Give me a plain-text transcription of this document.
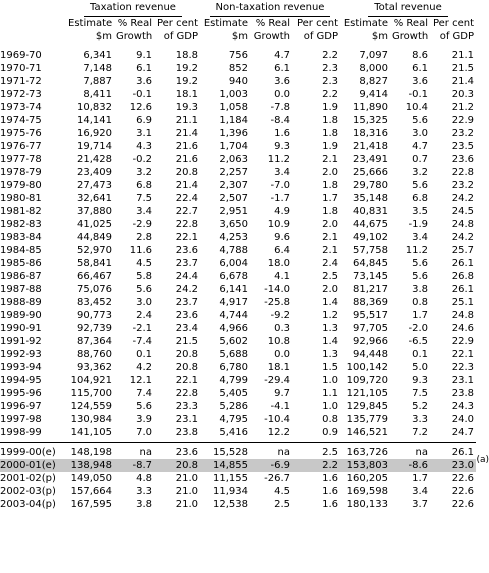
	Taxation revenue			Non-taxation revenue			Total revenue		
	Estimate	% Real	Per cent	Estimate	% Real	Per cent	Estimate	% Real	Per cent
	$m	Growth	of GDP	$m	Growth	of GDP	$m	Growth	of GDP

1969-70	6,341	9.1	18.8	756	4.7	2.2	7,097	8.6	21.1
1970-71	7,148	6.1	19.2	852	6.1	2.3	8,000	6.1	21.5
1971-72	7,887	3.6	19.2	940	3.6	2.3	8,827	3.6	21.4
1972-73	8,411	-0.1	18.1	1,003	0.0	2.2	9,414	-0.1	20.3
1973-74	10,832	12.6	19.3	1,058	-7.8	1.9	11,890	10.4	21.2
1974-75	14,141	6.9	21.1	1,184	-8.4	1.8	15,325	5.6	22.9
1975-76	16,920	3.1	21.4	1,396	1.6	1.8	18,316	3.0	23.2
1976-77	19,714	4.3	21.6	1,704	9.3	1.9	21,418	4.7	23.5
1977-78	21,428	-0.2	21.6	2,063	11.2	2.1	23,491	0.7	23.6
1978-79	23,409	3.2	20.8	2,257	3.4	2.0	25,666	3.2	22.8
1979-80	27,473	6.8	21.4	2,307	-7.0	1.8	29,780	5.6	23.2
1980-81	32,641	7.5	22.4	2,507	-1.7	1.7	35,148	6.8	24.2
1981-82	37,880	3.4	22.7	2,951	4.9	1.8	40,831	3.5	24.5
1982-83	41,025	-2.9	22.8	3,650	10.9	2.0	44,675	-1.9	24.8
1983-84	44,849	2.8	22.1	4,253	9.6	2.1	49,102	3.4	24.2
1984-85	52,970	11.6	23.6	4,788	6.4	2.1	57,758	11.2	25.7
1985-86	58,841	4.5	23.7	6,004	18.0	2.4	64,845	5.6	26.1
1986-87	66,467	5.8	24.4	6,678	4.1	2.5	73,145	5.6	26.8
1987-88	75,076	5.6	24.2	6,141	-14.0	2.0	81,217	3.8	26.1
1988-89	83,452	3.0	23.7	4,917	-25.8	1.4	88,369	0.8	25.1
1989-90	90,773	2.4	23.6	4,744	-9.2	1.2	95,517	1.7	24.8
1990-91	92,739	-2.1	23.4	4,966	0.3	1.3	97,705	-2.0	24.6
1991-92	87,364	-7.4	21.5	5,602	10.8	1.4	92,966	-6.5	22.9
1992-93	88,760	0.1	20.8	5,688	0.0	1.3	94,448	0.1	22.1
1993-94	93,362	4.2	20.8	6,780	18.1	1.5	100,142	5.0	22.3
1994-95	104,921	12.1	22.1	4,799	-29.4	1.0	109,720	9.3	23.1
1995-96	115,700	7.4	22.8	5,405	9.7	1.1	121,105	7.5	23.8
1996-97	124,559	5.6	23.3	5,286	-4.1	1.0	129,845	5.2	24.3
1997-98	130,984	3.9	23.1	4,795	-10.4	0.8	135,779	3.3	24.0
1998-99	141,105	7.0	23.8	5,416	12.2	0.9	146,521	7.2	24.7

1999-00(e)	148,198	na	23.6	15,528	na	2.5	163,726	na	26.1
2000-01(e)	138,948	-8.7	20.8	14,855	-6.9	2.2	153,803	-8.6	23.0
2001-02(p)	149,050	4.8	21.0	11,155	-26.7	1.6	160,205	1.7	22.6
2002-03(p)	157,664	3.3	21.0	11,934	4.5	1.6	169,598	3.4	22.6
2003-04(p)	167,595	3.8	21.0	12,538	2.5	1.6	180,133	3.7	22.6
(a)
